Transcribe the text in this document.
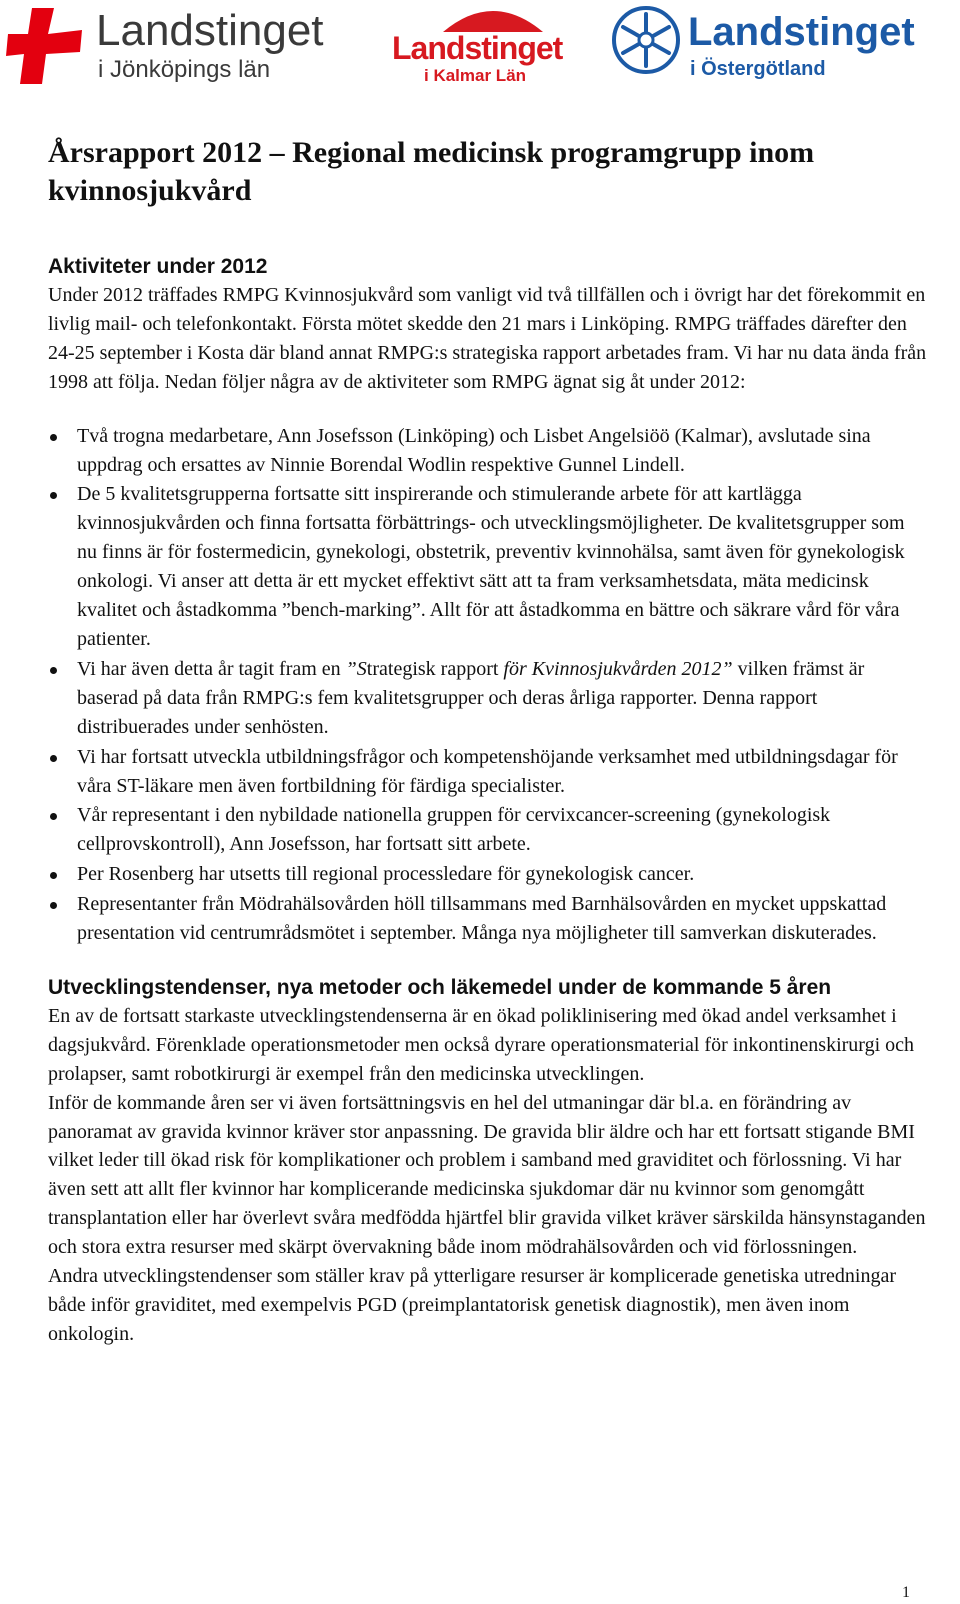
Landstinget
i Jönköpings län
Landstinget
i Kalmar Län
Landstinget
i Östergötland
Årsrapport 2012 – Regional medicinsk programgrupp inom kvinnosjukvård
Aktiviteter under 2012

Under 2012 träffades RMPG Kvinnosjukvård som vanligt vid två tillfällen och i övrigt har det förekommit en livlig mail- och telefonkontakt. Första mötet skedde den 21 mars i Linköping. RMPG träffades därefter den 24-25 september i Kosta där bland annat RMPG:s strategiska rapport arbetades fram. Vi har nu data ända från 1998 att följa. Nedan följer några av de aktiviteter som RMPG ägnat sig åt under 2012:

Två trogna medarbetare, Ann Josefsson (Linköping) och Lisbet Angelsiöö (Kalmar), avslutade sina uppdrag och ersattes av Ninnie Borendal Wodlin respektive Gunnel Lindell.
De 5 kvalitetsgrupperna fortsatte sitt inspirerande och stimulerande arbete för att kartlägga kvinnosjukvården och finna fortsatta förbättrings- och utvecklingsmöjligheter. De kvalitetsgrupper som nu finns är för fostermedicin, gynekologi, obstetrik, preventiv kvinnohälsa, samt även för gynekologisk onkologi. Vi anser att detta är ett mycket effektivt sätt att ta fram verksamhetsdata, mäta medicinsk kvalitet och åstadkomma ”bench-marking”. Allt för att åstadkomma en bättre och säkrare vård för våra patienter.
Vi har även detta år tagit fram en ”Strategisk rapport för Kvinnosjukvården 2012” vilken främst är baserad på data från RMPG:s fem kvalitetsgrupper och deras årliga rapporter. Denna rapport distribuerades under senhösten.
Vi har fortsatt utveckla utbildningsfrågor och kompetenshöjande verksamhet med utbildningsdagar för våra ST-läkare men även fortbildning för färdiga specialister.
Vår representant i den nybildade nationella gruppen för cervixcancer-screening (gynekologisk cellprovskontroll), Ann Josefsson, har fortsatt sitt arbete.
Per Rosenberg har utsetts till regional processledare för gynekologisk cancer.
Representanter från Mödrahälsovården höll tillsammans med Barnhälsovården en mycket uppskattad presentation vid centrumrådsmötet i september. Många nya möjligheter till samverkan diskuterades.
Utvecklingstendenser, nya metoder och läkemedel under de kommande 5 åren

En av de fortsatt starkaste utvecklingstendenserna är en ökad poliklinisering med ökad andel verksamhet i dagsjukvård. Förenklade operationsmetoder men också dyrare operationsmaterial för inkontinenskirurgi och prolapser, samt robotkirurgi är exempel från den medicinska utvecklingen.

Inför de kommande åren ser vi även fortsättningsvis en hel del utmaningar där bl.a. en förändring av panoramat av gravida kvinnor kräver stor anpassning. De gravida blir äldre och har ett fortsatt stigande BMI vilket leder till ökad risk för komplikationer och problem i samband med graviditet och förlossning. Vi har även sett att allt fler kvinnor har komplicerande medicinska sjukdomar där nu kvinnor som genomgått transplantation eller har överlevt svåra medfödda hjärtfel blir gravida vilket kräver särskilda hänsynstaganden och stora extra resurser med skärpt övervakning både inom mödrahälsovården och vid förlossningen.

Andra utvecklingstendenser som ställer krav på ytterligare resurser är komplicerade genetiska utredningar både inför graviditet, med exempelvis PGD (preimplantatorisk genetisk diagnostik), men även inom onkologin.

1
